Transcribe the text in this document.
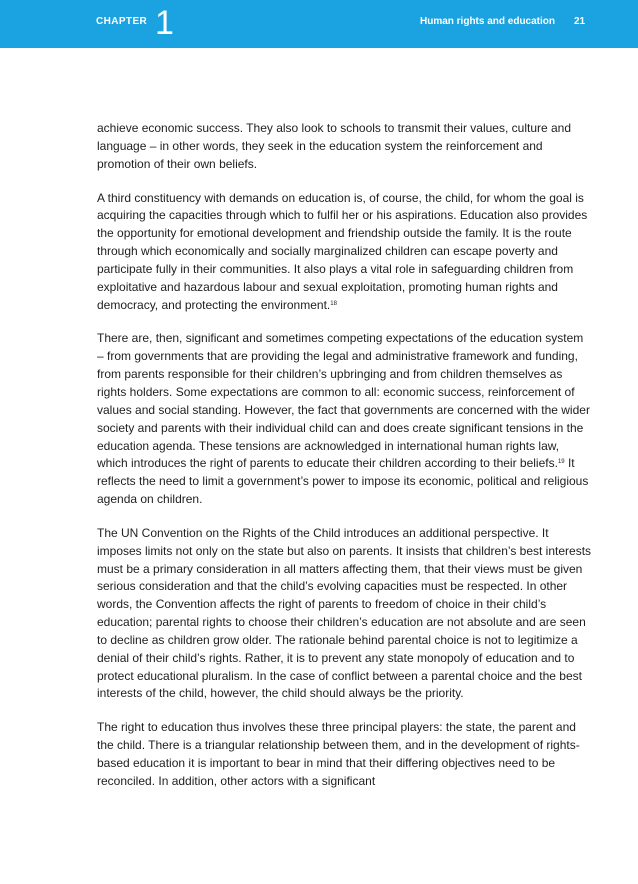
CHAPTER 1	Human rights and education 21

achieve economic success. They also look to schools to transmit their values, culture and language – in other words, they seek in the education system the reinforcement and promotion of their own beliefs.

A third constituency with demands on education is, of course, the child, for whom the goal is acquiring the capacities through which to fulfil her or his aspirations. Education also provides the opportunity for emotional development and friendship outside the family. It is the route through which economically and socially marginalized children can escape poverty and participate fully in their communities. It also plays a vital role in safeguarding children from exploitative and hazardous labour and sexual exploitation, promoting human rights and democracy, and protecting the environment.$^{18}$

There are, then, significant and sometimes competing expectations of the education system – from governments that are providing the legal and administrative framework and funding, from parents responsible for their children’s upbringing and from children themselves as rights holders. Some expectations are common to all: economic success, reinforcement of values and social standing. However, the fact that governments are concerned with the wider society and parents with their individual child can and does create significant tensions in the education agenda. These tensions are acknowledged in international human rights law, which introduces the right of parents to educate their children according to their beliefs.$^{19}$ It reflects the need to limit a government’s power to impose its economic, political and religious agenda on children.

The UN Convention on the Rights of the Child introduces an additional perspective. It imposes limits not only on the state but also on parents. It insists that children’s best interests must be a primary consideration in all matters affecting them, that their views must be given serious consideration and that the child’s evolving capacities must be respected. In other words, the Convention affects the right of parents to freedom of choice in their child’s education; parental rights to choose their children’s education are not absolute and are seen to decline as children grow older. The rationale behind parental choice is not to legitimize a denial of their child’s rights. Rather, it is to prevent any state monopoly of education and to protect educational pluralism. In the case of conflict between a parental choice and the best interests of the child, however, the child should always be the priority.

The right to education thus involves these three principal players: the state, the parent and the child. There is a triangular relationship between them, and in the development of rights-based education it is important to bear in mind that their differing objectives need to be reconciled. In addition, other actors with a significant
